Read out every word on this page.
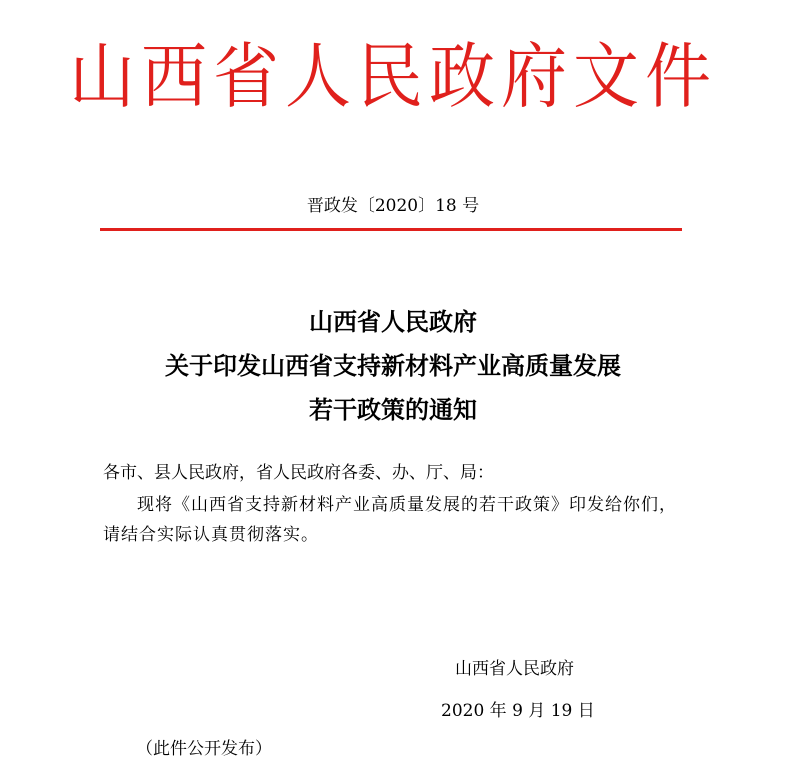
山西省人民政府文件
晋政发〔2020〕18 号
山西省人民政府
关于印发山西省支持新材料产业高质量发展
若干政策的通知
各市、县人民政府，省人民政府各委、办、厅、局：
现将《山西省支持新材料产业高质量发展的若干政策》印发给你们，请结合实际认真贯彻落实。
山西省人民政府
2020 年 9 月 19 日
（此件公开发布）
